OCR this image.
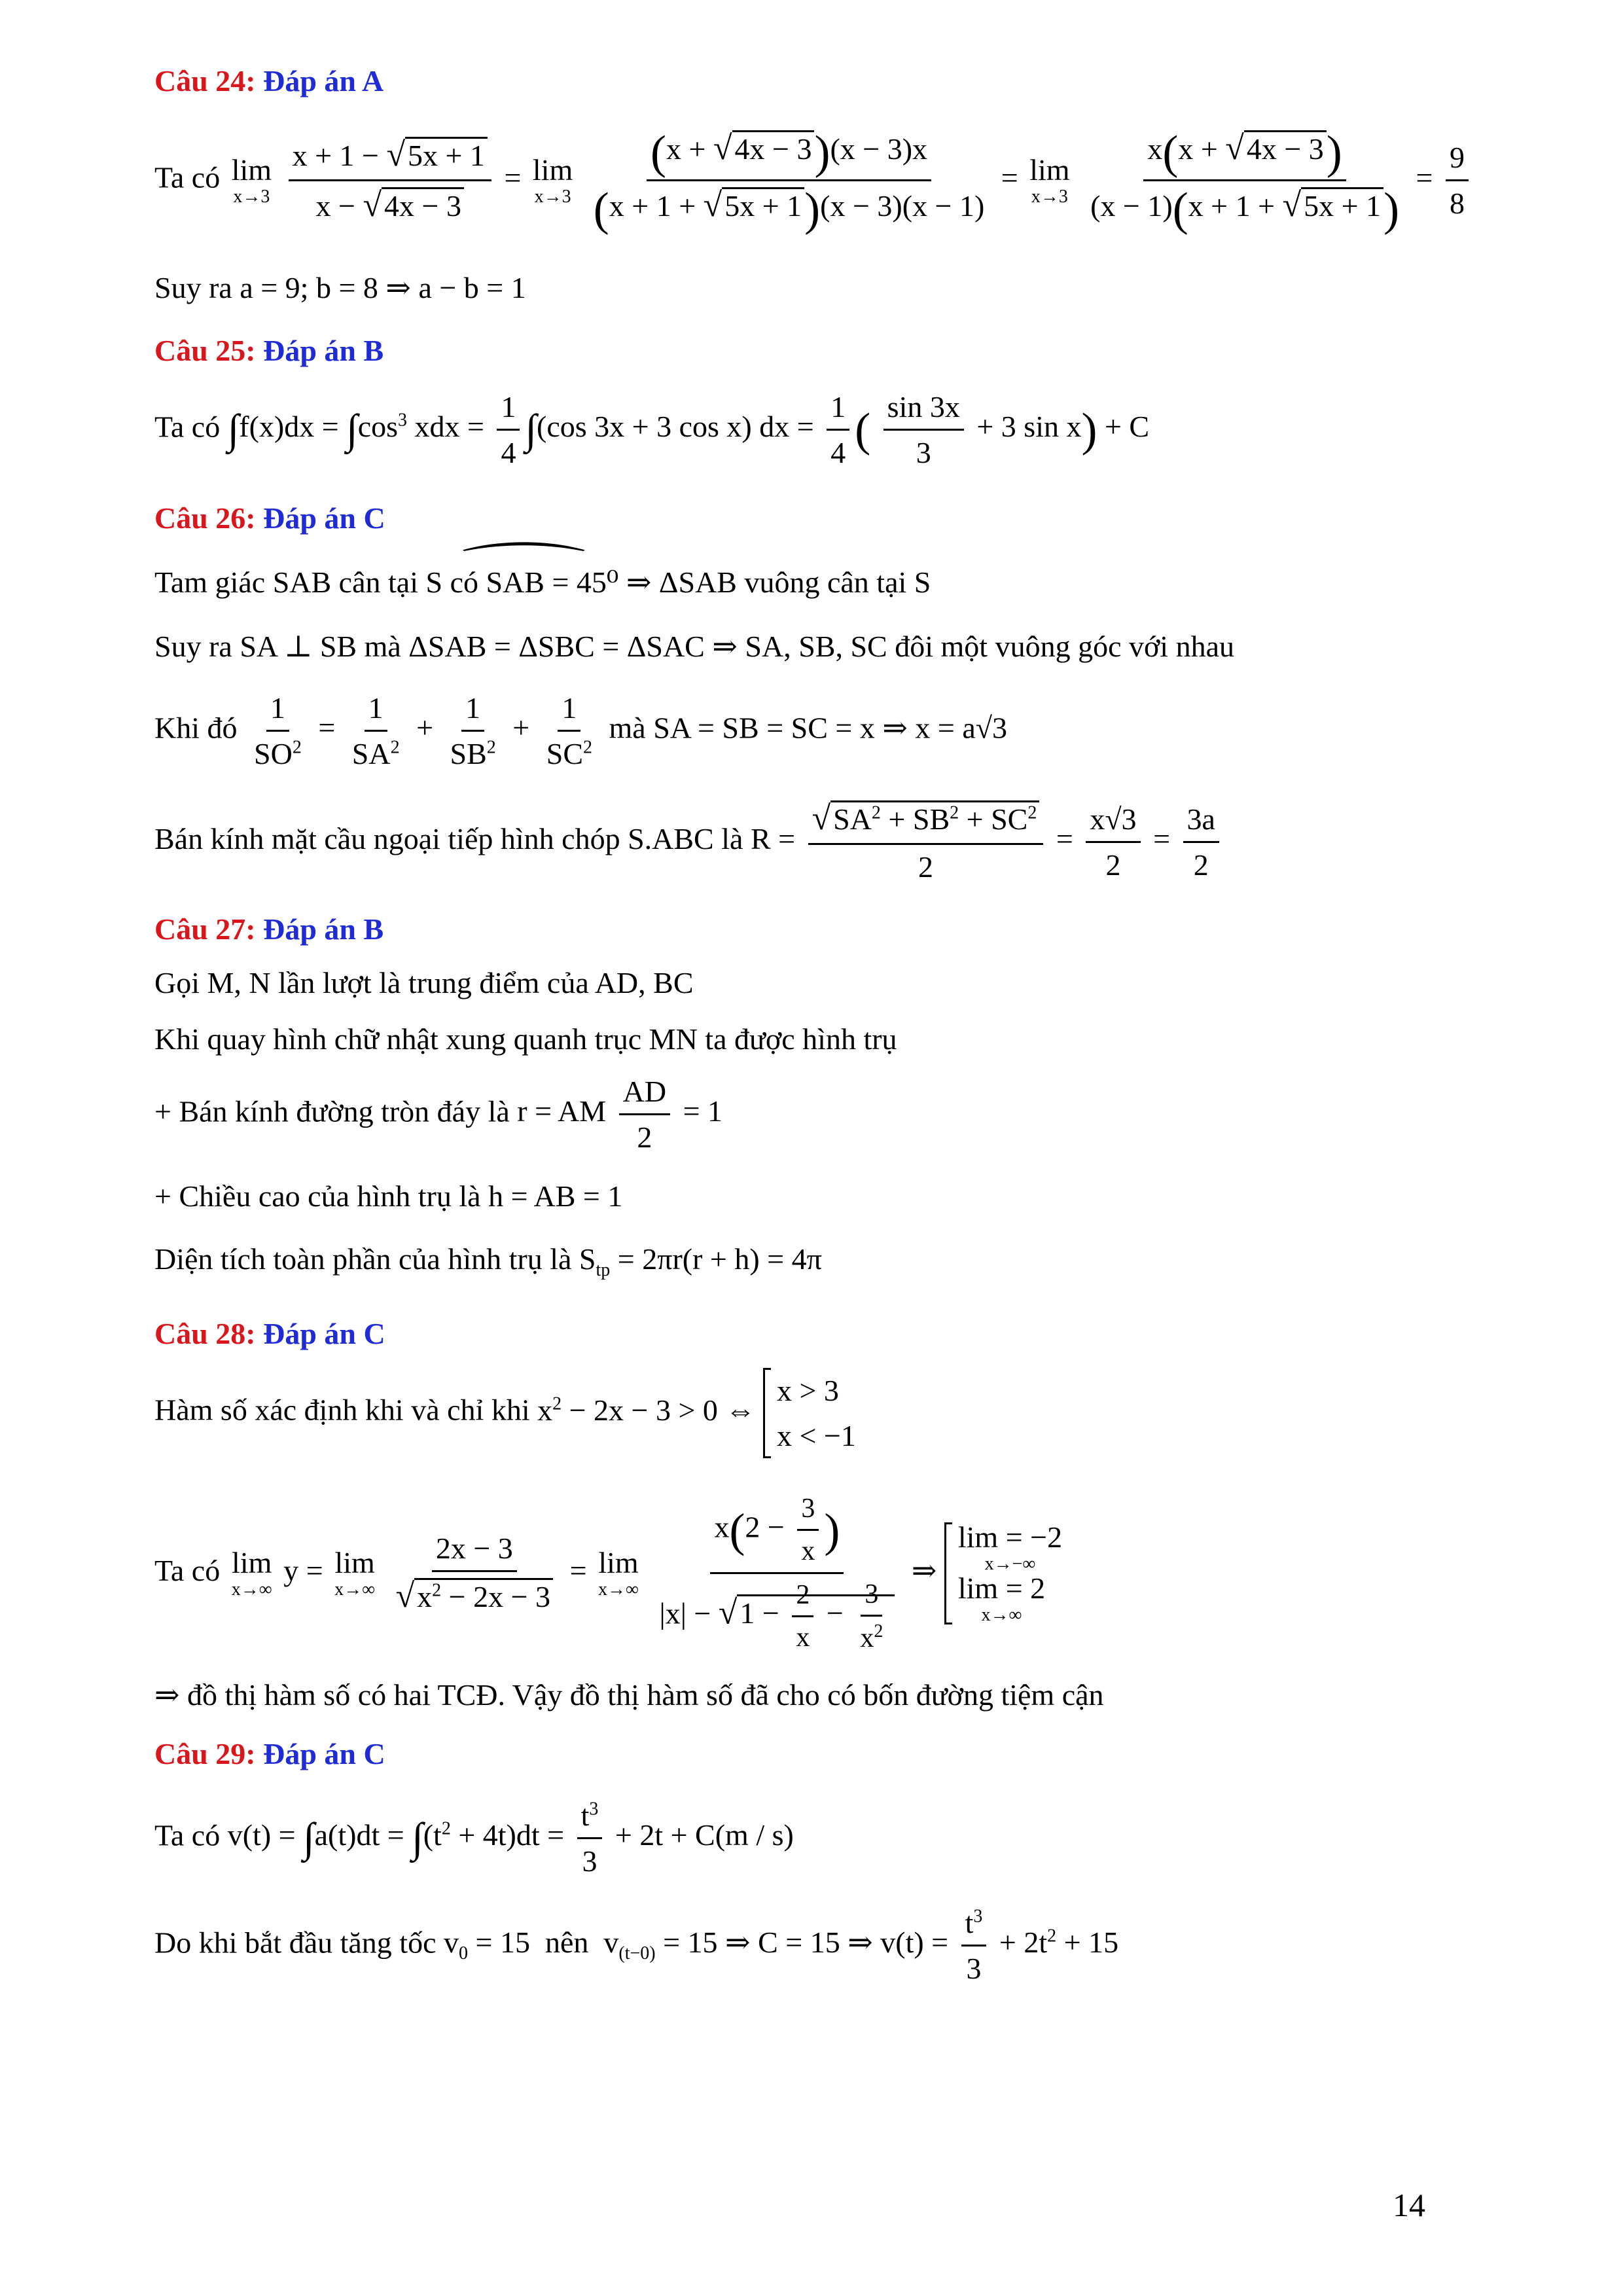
Câu 24: Đáp án A
Ta có lim
x→3
$\frac{x + 1 - √5x + 1}{x - √4x - 3} = \lim$
x→3
$\frac{(x + √4x - 3)(x - 3)x}{(x + 1 + √5x + 1)(x - 3)(x - 1)} = \lim$
x→3
$\frac{x(x + √4x - 3)}{(x - 1)(x + 1 + √5x + 1)} = \frac{9}{8}$
Suy ra a = 9; b = 8 ⇒ a − b = 1
Câu 25: Đáp án B
Ta có $\int f(x)dx = \int\cos^3$ xdx = $\frac{1}{4} \int(\cos$ 3x + 3 cos x) dx = $\frac{1}{4}$ ( $\frac{\sin 3x}{3} + 3$ sin x) + C
Câu 26: Đáp án C
Tam giác SAB cân tại S có ⌒ SAB = 45⁰ ⇒ ΔSAB vuông cân tại S
Suy ra SA ⊥ SB mà ΔSAB = ΔSBC = ΔSAC ⇒ SA, SB, SC đôi một vuông góc với nhau
Khi đó $\frac{1}{SO^2} = \frac{1}{SA^2} + \frac{1}{SB^2} + \frac{1}{SC^2}$ mà SA = SB = SC = x ⇒ x = a√3
Bán kính mặt cầu ngoại tiếp hình chóp S.ABC là $R = \frac{√SA^2 + SB^2 + SC^2}{2} = \frac{x√3}{2} = \frac{3a}{2}$
Câu 27: Đáp án B
Gọi M, N lần lượt là trung điểm của AD, BC
Khi quay hình chữ nhật xung quanh trục MN ta được hình trụ
+ Bán kính đường tròn đáy là r = AM $\frac{AD}{2} = 1$
+ Chiều cao của hình trụ là h = AB = 1
Diện tích toàn phần của hình trụ là $S_{tp} = 2\pi r(r + h) = 4\pi$
Câu 28: Đáp án C
Hàm số xác định khi và chỉ khi $x^2 - 2x - 3 > 0$ ⇔
x > 3
x < −1
Ta có lim
x→∞
y = lim
x→∞
$\frac{2x - 3}{√x^2 - 2x - 3} = \lim$
x→∞
$\frac{x(2 - \frac{3}{x} )}{|x| - √1 - \frac{2}{x} - \frac{3}{x^2}}$ ⇒
lim = −2
x→−∞
lim = 2
x→∞
⇒ đồ thị hàm số có hai TCĐ. Vậy đồ thị hàm số đã cho có bốn đường tiệm cận
Câu 29: Đáp án C
Ta có $v(t) = \int a(t)dt = \int(t^2 + 4t)dt = \frac{t^3}{3} + 2t + C(m / s)$
Do khi bắt đầu tăng tốc $v_0 = 15$  nên  $v_{(t-0)} = 15$ ⇒ C = 15 ⇒ $v(t) = \frac{t^3}{3} + 2t^2 + 15$
14
